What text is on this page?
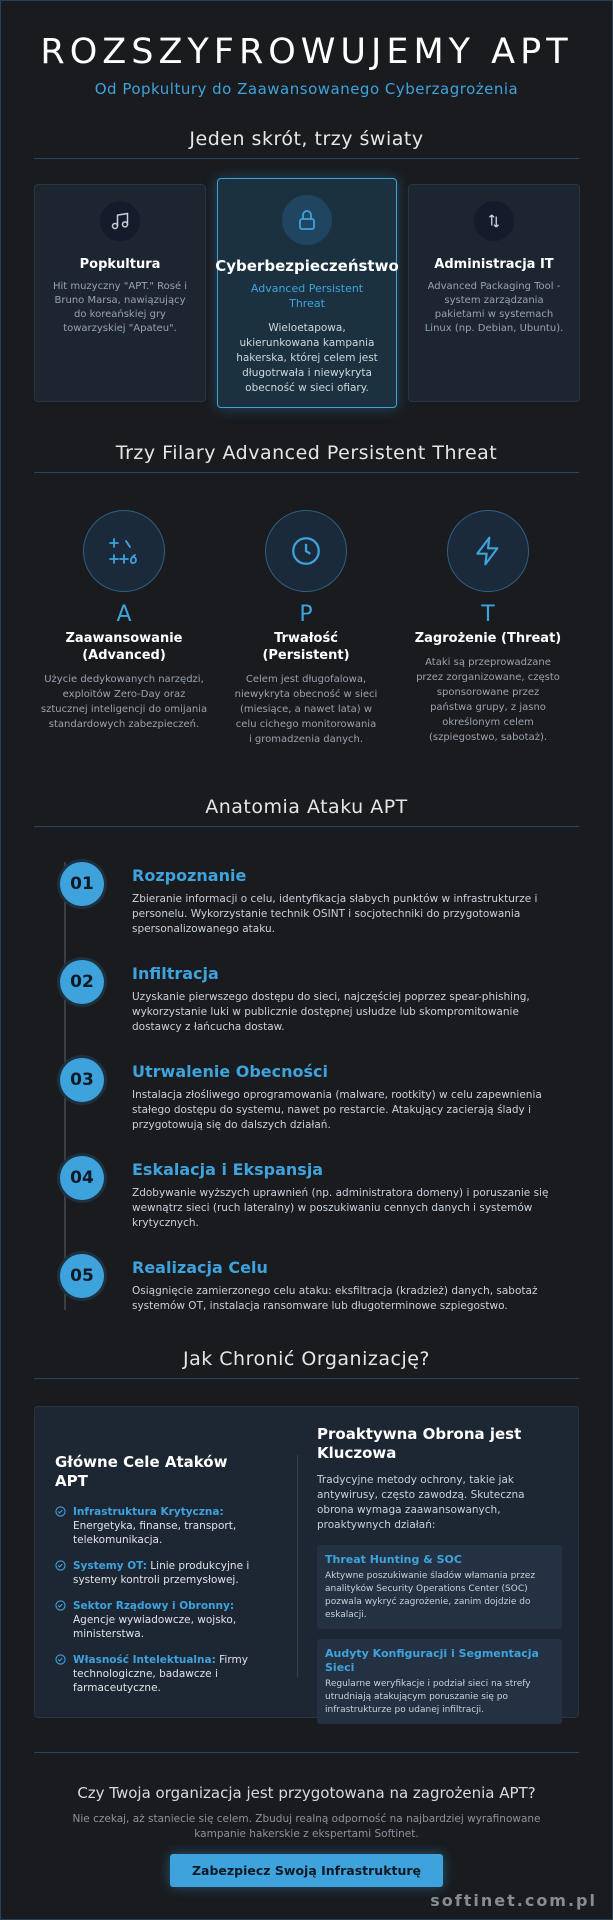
ROZSZYFROWUJEMY APT
Od Popkultury do Zaawansowanego Cyberzagrożenia
Jeden skrót, trzy światy
Popkultura
Hit muzyczny "APT." Rosé i Bruno Marsa, nawiązujący do koreańskiej gry towarzyskiej "Apateu".
Cyberbezpieczeństwo
Advanced Persistent Threat
Wieloetapowa, ukierunkowana kampania hakerska, której celem jest długotrwała i niewykryta obecność w sieci ofiary.
Administracja IT
Advanced Packaging Tool - system zarządzania pakietami w systemach Linux (np. Debian, Ubuntu).
Trzy Filary Advanced Persistent Threat
A
Zaawansowanie
(Advanced)
Użycie dedykowanych narzędzi, exploitów Zero-Day oraz sztucznej inteligencji do omijania standardowych zabezpieczeń.
P
Trwałość
(Persistent)
Celem jest długofalowa, niewykryta obecność w sieci (miesiące, a nawet lata) w celu cichego monitorowania i gromadzenia danych.
T
Zagrożenie (Threat)
Ataki są przeprowadzane przez zorganizowane, często sponsorowane przez państwa grupy, z jasno określonym celem (szpiegostwo, sabotaż).
Anatomia Ataku APT
01	Rozpoznanie
Zbieranie informacji o celu, identyfikacja słabych punktów w infrastrukturze i personelu. Wykorzystanie technik OSINT i socjotechniki do przygotowania spersonalizowanego ataku.
02	Infiltracja
Uzyskanie pierwszego dostępu do sieci, najczęściej poprzez spear-phishing, wykorzystanie luki w publicznie dostępnej usłudze lub skompromitowanie dostawcy z łańcucha dostaw.
03	Utrwalenie Obecności
Instalacja złośliwego oprogramowania (malware, rootkity) w celu zapewnienia stałego dostępu do systemu, nawet po restarcie. Atakujący zacierają ślady i przygotowują się do dalszych działań.
04	Eskalacja i Ekspansja
Zdobywanie wyższych uprawnień (np. administratora domeny) i poruszanie się wewnątrz sieci (ruch lateralny) w poszukiwaniu cennych danych i systemów krytycznych.
05	Realizacja Celu
Osiągnięcie zamierzonego celu ataku: eksfiltracja (kradzież) danych, sabotaż systemów OT, instalacja ransomware lub długoterminowe szpiegostwo.
Jak Chronić Organizację?
Główne Cele Ataków APT
Infrastruktura Krytyczna: Energetyka, finanse, transport, telekomunikacja.
Systemy OT: Linie produkcyjne i systemy kontroli przemysłowej.
Sektor Rządowy i Obronny: Agencje wywiadowcze, wojsko, ministerstwa.
Własność Intelektualna: Firmy technologiczne, badawcze i farmaceutyczne.
Proaktywna Obrona jest Kluczowa
Tradycyjne metody ochrony, takie jak antywirusy, często zawodzą. Skuteczna obrona wymaga zaawansowanych, proaktywnych działań:
Threat Hunting & SOC
Aktywne poszukiwanie śladów włamania przez analityków Security Operations Center (SOC) pozwala wykryć zagrożenie, zanim dojdzie do eskalacji.
Audyty Konfiguracji i Segmentacja Sieci
Regularne weryfikacje i podział sieci na strefy utrudniają atakującym poruszanie się po infrastrukturze po udanej infiltracji.
Czy Twoja organizacja jest przygotowana na zagrożenia APT?
Nie czekaj, aż staniecie się celem. Zbuduj realną odporność na najbardziej wyrafinowane kampanie hakerskie z ekspertami Softinet.
Zabezpiecz Swoją Infrastrukturę
softinet.com.pl
